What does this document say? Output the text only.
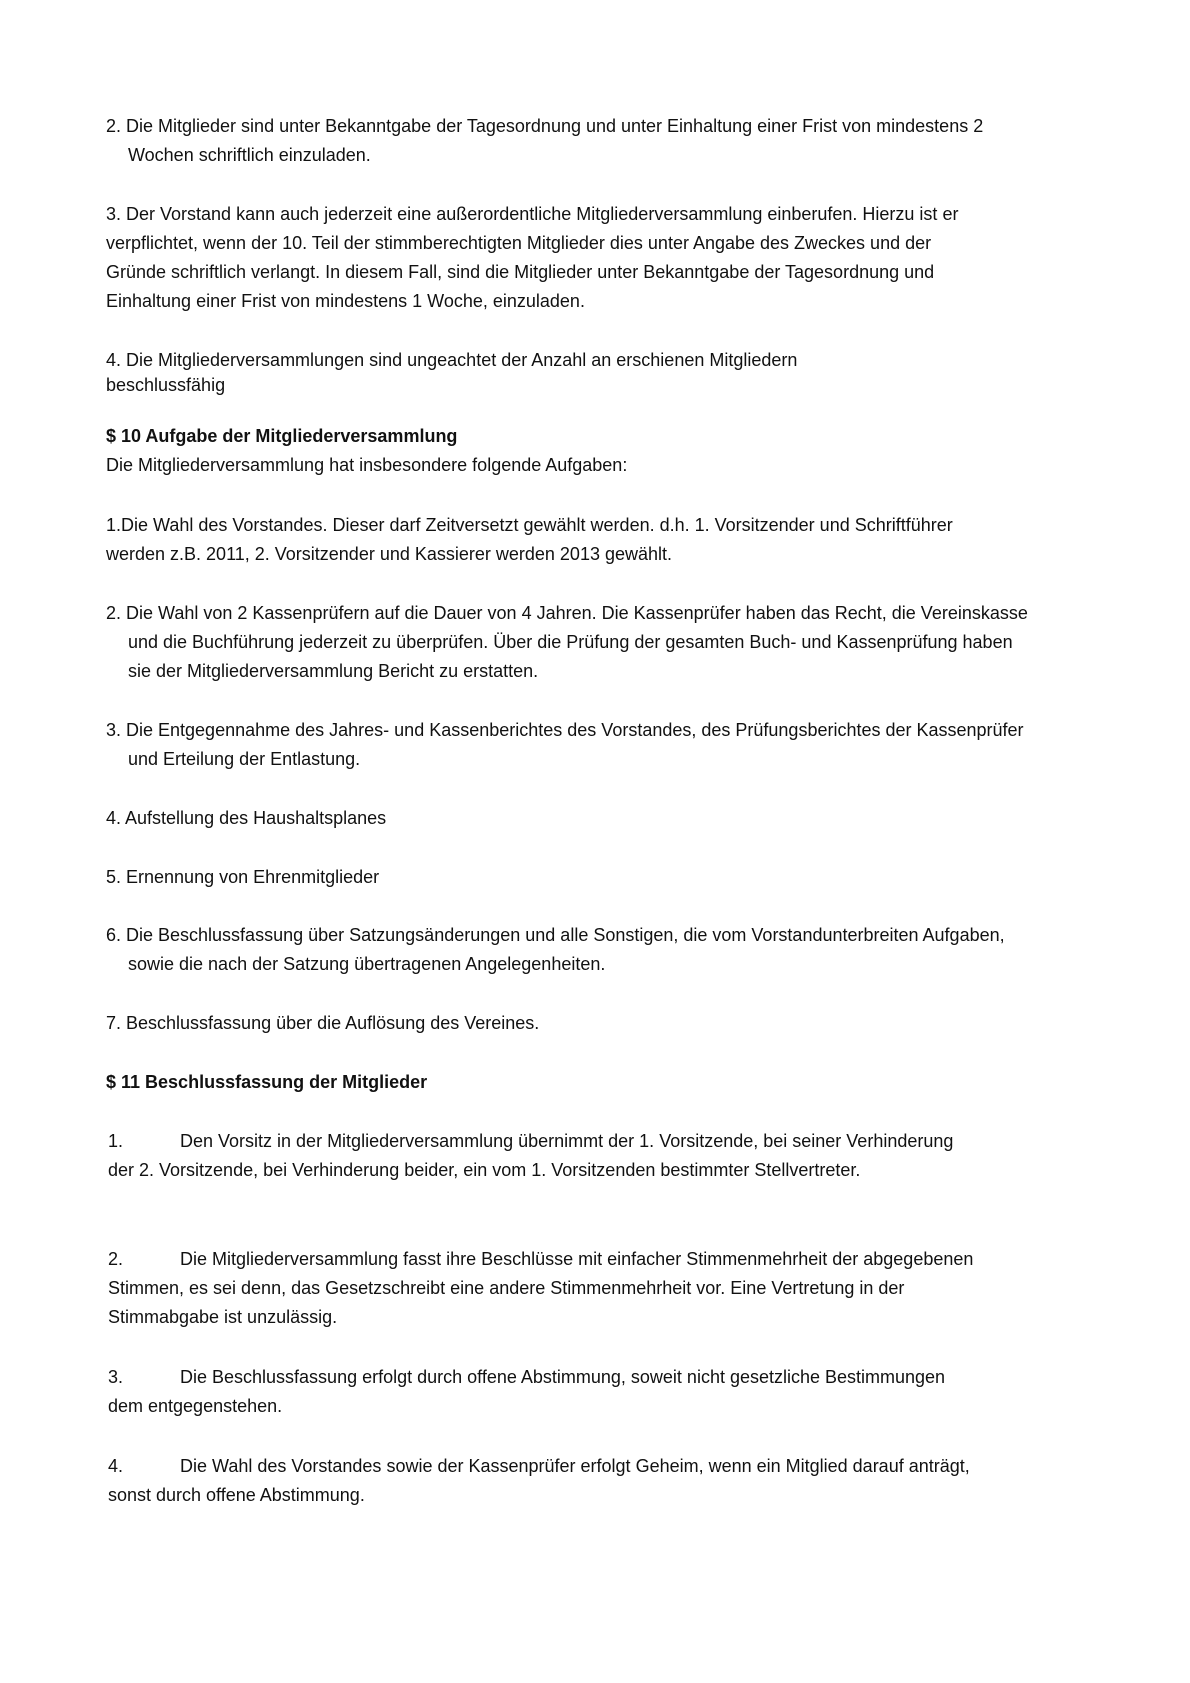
2. Die Mitglieder sind unter Bekanntgabe der Tagesordnung und unter Einhaltung einer Frist von mindestens 2 Wochen schriftlich einzuladen.

3. Der Vorstand kann auch jederzeit eine außerordentliche Mitgliederversammlung einberufen. Hierzu ist er verpflichtet, wenn der 10. Teil der stimmberechtigten Mitglieder dies unter Angabe des Zweckes und der Gründe schriftlich verlangt. In diesem Fall, sind die Mitglieder unter Bekanntgabe der Tagesordnung und Einhaltung einer Frist von mindestens 1 Woche, einzuladen.

4. Die Mitgliederversammlungen sind ungeachtet der Anzahl an erschienen Mitgliedern beschlussfähig

$ 10 Aufgabe der Mitgliederversammlung

Die Mitgliederversammlung hat insbesondere folgende Aufgaben:

1.Die Wahl des Vorstandes. Dieser darf Zeitversetzt gewählt werden. d.h. 1. Vorsitzender und Schriftführer werden z.B. 2011, 2. Vorsitzender und Kassierer werden 2013 gewählt.

2. Die Wahl von 2 Kassenprüfern auf die Dauer von 4 Jahren. Die Kassenprüfer haben das Recht, die Vereinskasse und die Buchführung jederzeit zu überprüfen. Über die Prüfung der gesamten Buch- und Kassenprüfung haben sie der Mitgliederversammlung Bericht zu erstatten.

3. Die Entgegennahme des Jahres- und Kassenberichtes des Vorstandes, des Prüfungsberichtes der Kassenprüfer und Erteilung der Entlastung.

4. Aufstellung des Haushaltsplanes

5. Ernennung von Ehrenmitglieder

6. Die Beschlussfassung über Satzungsänderungen und alle Sonstigen, die vom Vorstandunterbreiten Aufgaben, sowie die nach der Satzung übertragenen Angelegenheiten.

7. Beschlussfassung über die Auflösung des Vereines.

$ 11 Beschlussfassung der Mitglieder

1.	Den Vorsitz in der Mitgliederversammlung übernimmt der 1. Vorsitzende, bei seiner Verhinderung der 2. Vorsitzende, bei Verhinderung beider, ein vom 1. Vorsitzenden bestimmter Stellvertreter.

2.	Die Mitgliederversammlung fasst ihre Beschlüsse mit einfacher Stimmenmehrheit der abgegebenen Stimmen, es sei denn, das Gesetzschreibt eine andere Stimmenmehrheit vor. Eine Vertretung in der Stimmabgabe ist unzulässig.

3.	Die Beschlussfassung erfolgt durch offene Abstimmung, soweit nicht gesetzliche Bestimmungen dem entgegenstehen.

4.	Die Wahl des Vorstandes sowie der Kassenprüfer erfolgt Geheim, wenn ein Mitglied darauf anträgt, sonst durch offene Abstimmung.
